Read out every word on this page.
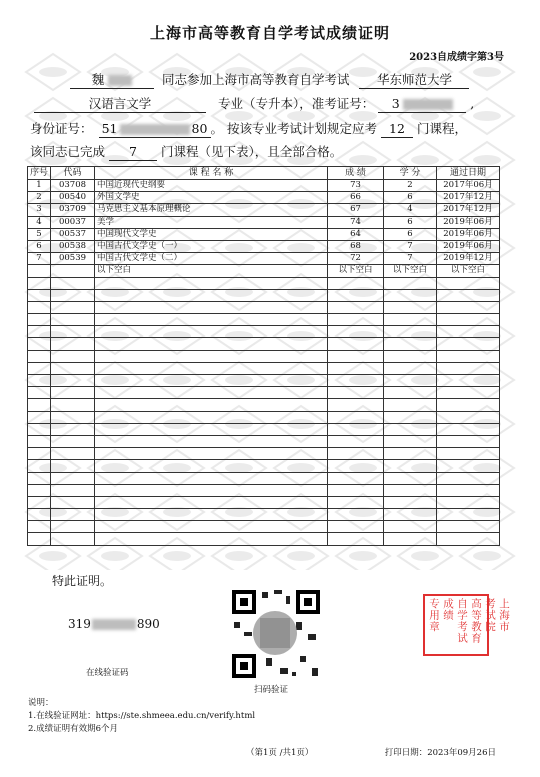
上海市高等教育自学考试成绩证明
2023自成绩字第3号
魏	同志参加上海市高等教育自学考试 华东师范大学
汉语言文学	专业（专升本），准考证号： 3	,
身份证号： 51	80 。 按该专业考试计划规定应考 12 门课程，
该同志已完成 7 门课程（见下表），且全部合格。
序号	代码	课 程 名 称	成 绩	学 分	通过日期
1	03708	中国近现代史纲要	73	2	2017年06月
2	00540	外国文学史	66	6	2017年12月
3	03709	马克思主义基本原理概论	67	4	2017年12月
4	00037	美学	74	6	2019年06月
5	00537	中国现代文学史	64	6	2019年06月
6	00538	中国古代文学史（一）	68	7	2019年06月
7	00539	中国古代文学史（二）	72	7	2019年12月
		以下空白	以下空白	以下空白	以下空白

特此证明。
319	890
在线验证码
扫码验证
专用章 成绩 自学考试 高等教育 考试院 上海市
说明：
1.在线验证网址：https://ste.shmeea.edu.cn/verify.html
2.成绩证明有效期6个月
（第1页 /共1页）	打印日期：2023年09月26日
